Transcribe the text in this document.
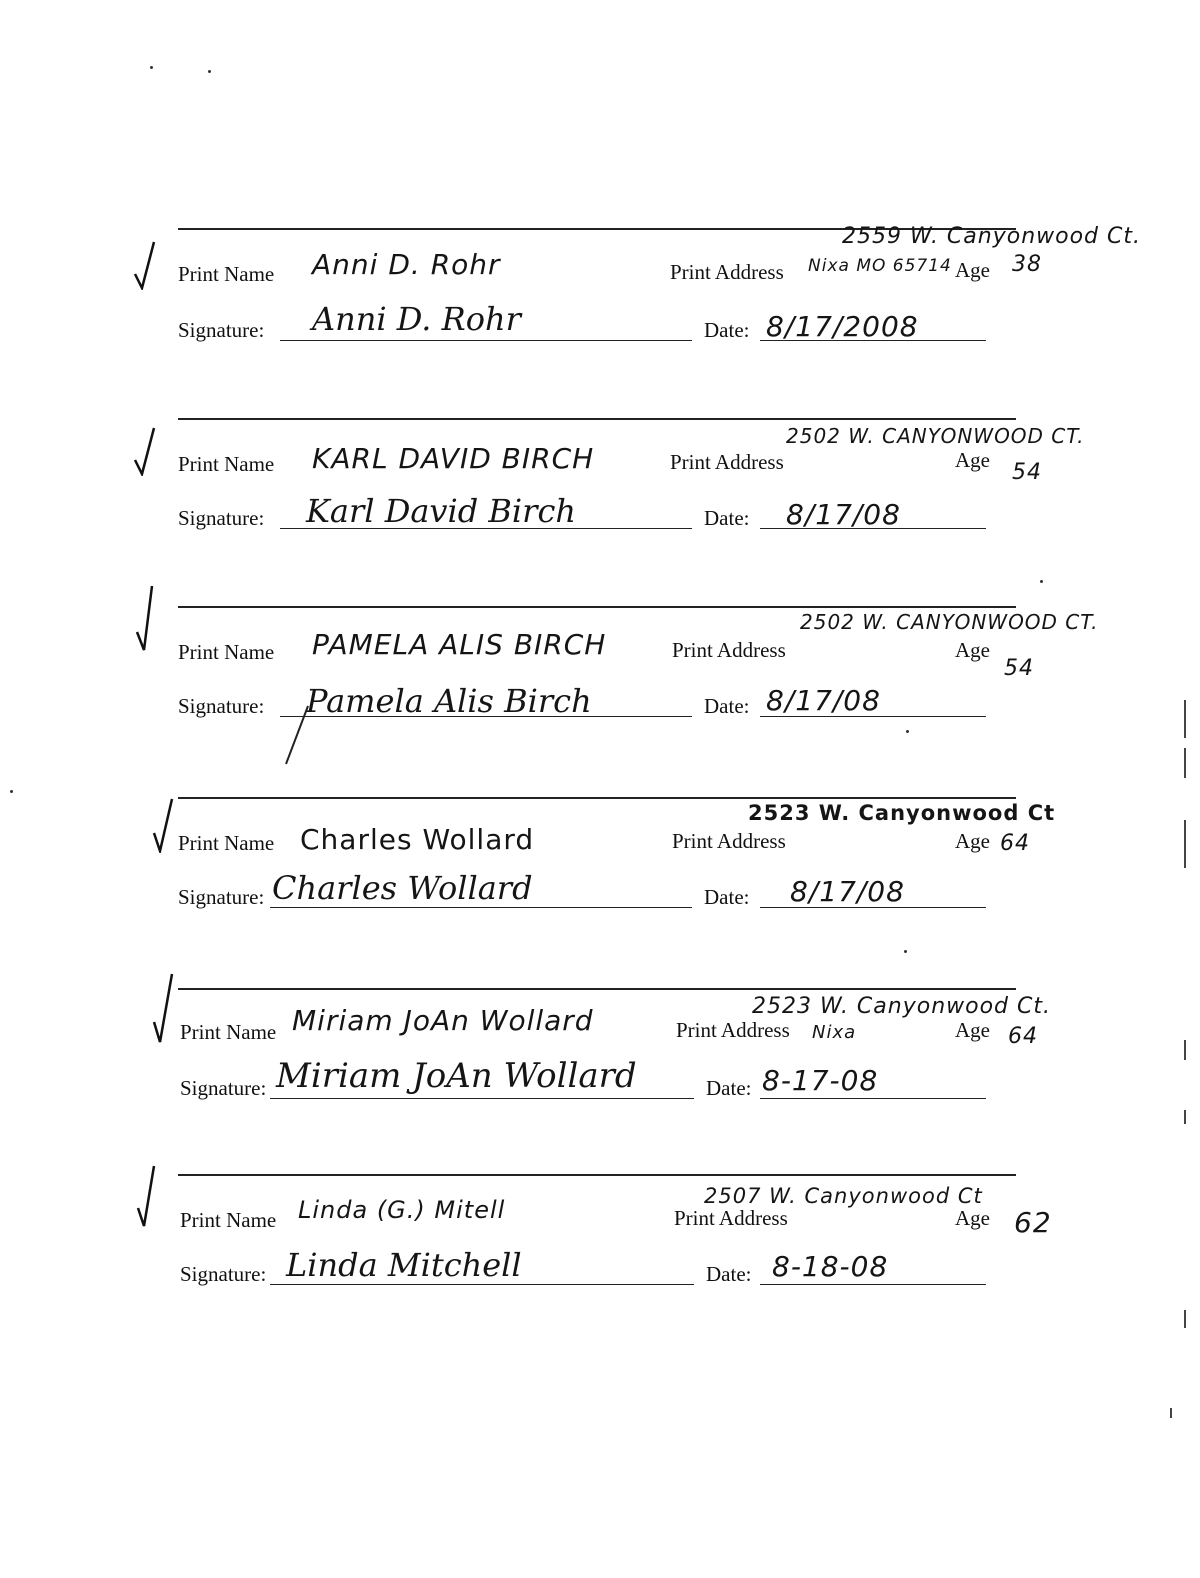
Print Name Anni D. Rohr	Print Address
2559 W. Canyonwood Ct.
Nixa MO 65714 Age 38
Signature: Anni D. Rohr	Date: 8/17/2008
Print Name KARL DAVID BIRCH	Print Address
2502 W. CANYONWOOD CT.
Age 54
Signature: Karl David Birch	Date: 8/17/08
Print Name PAMELA ALIS BIRCH	Print Address
2502 W. CANYONWOOD CT.
Age
54
Signature: Pamela Alis Birch	Date: 8/17/08
Print Name Charles Wollard	Print Address
2523 W. Canyonwood Ct
Age 64
Signature: Charles Wollard	Date: 8/17/08
Print Name Miriam JoAn Wollard	Print Address
2523 W. Canyonwood Ct.
Nixa	Age 64
Signature: Miriam JoAn Wollard	Date: 8-17-08
Print Name Linda (G.) Mitell	Print Address
2507 W. Canyonwood Ct
Age 62
Signature: Linda Mitchell	Date: 8-18-08
